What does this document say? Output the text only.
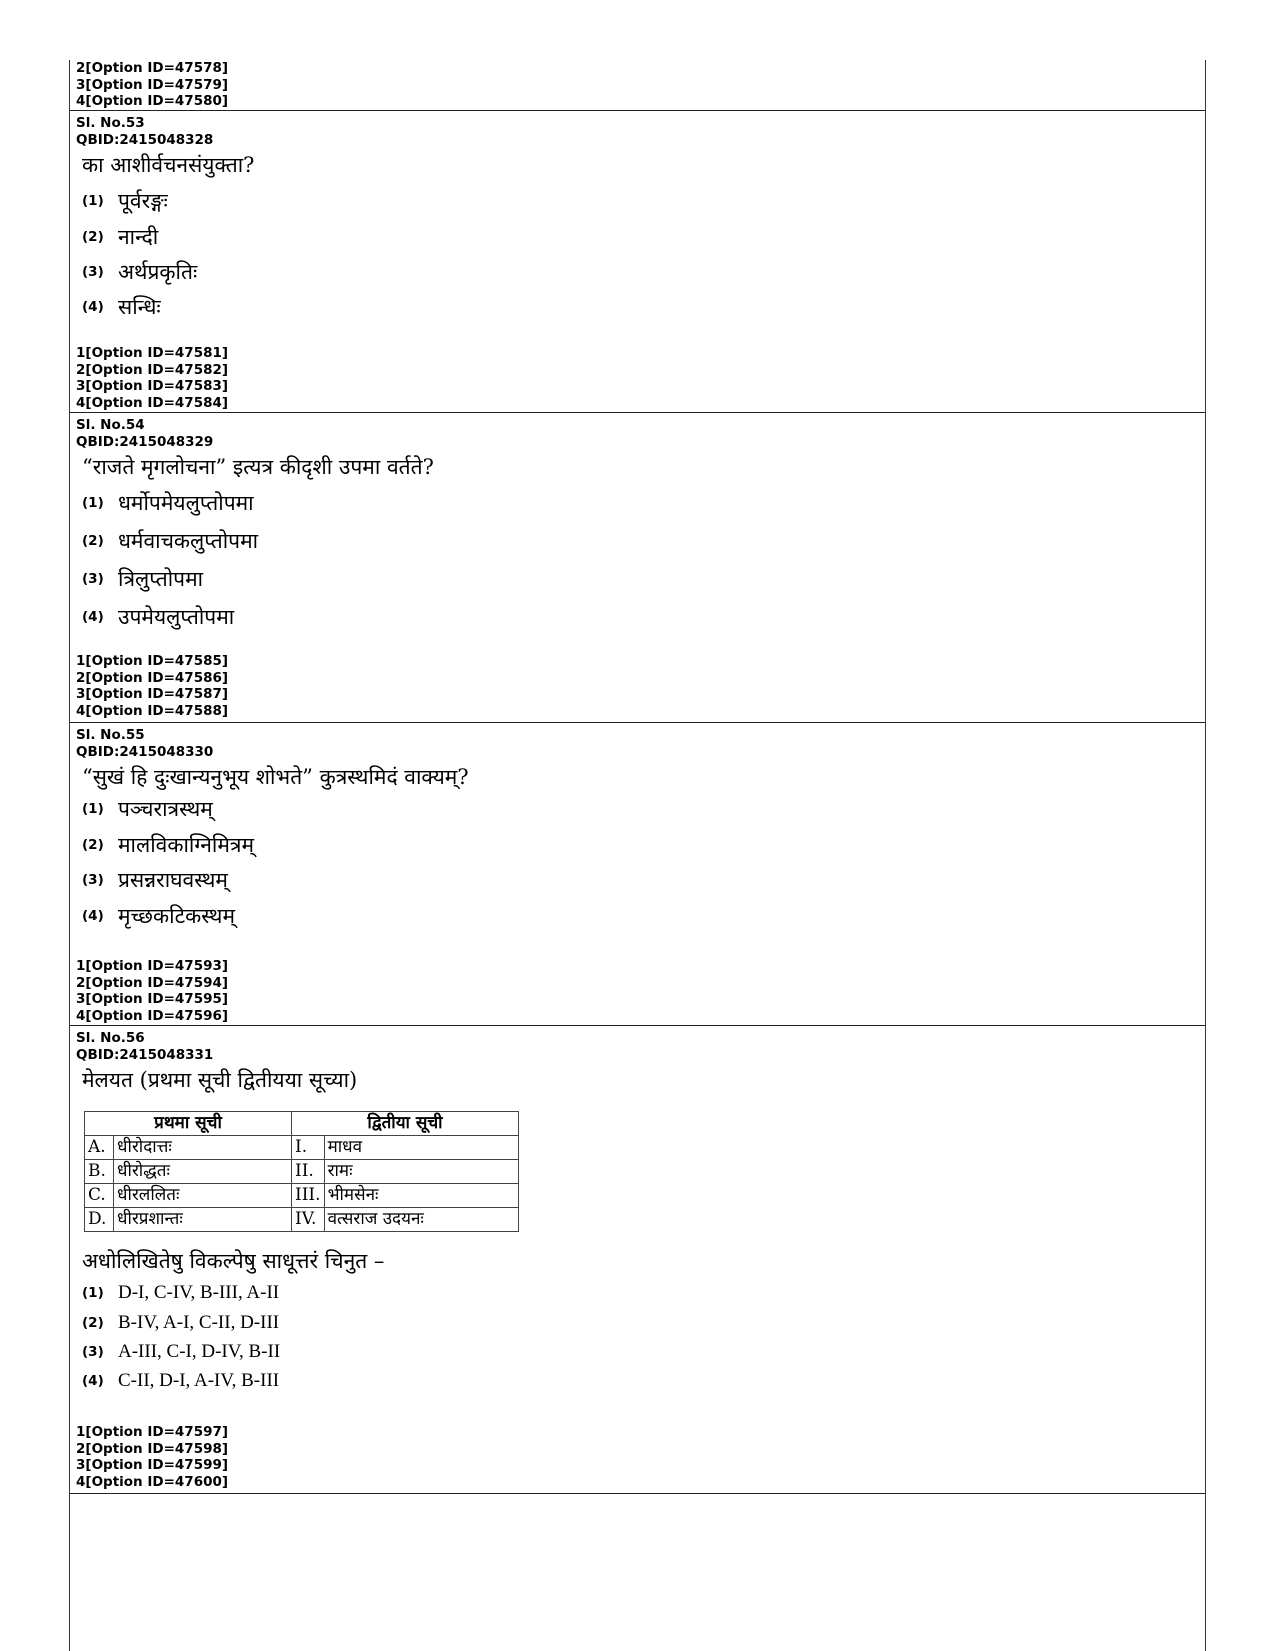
2[Option ID=47578]
3[Option ID=47579]
4[Option ID=47580]
Sl. No.53
QBID:2415048328
का आशीर्वचनसंयुक्ता?
(1) पूर्वरङ्गः
(2) नान्दी
(3) अर्थप्रकृतिः
(4) सन्धिः
1[Option ID=47581]
2[Option ID=47582]
3[Option ID=47583]
4[Option ID=47584]
Sl. No.54
QBID:2415048329
“राजते मृगलोचना” इत्यत्र कीदृशी उपमा वर्तते?
(1) धर्मोपमेयलुप्तोपमा
(2) धर्मवाचकलुप्तोपमा
(3) त्रिलुप्तोपमा
(4) उपमेयलुप्तोपमा
1[Option ID=47585]
2[Option ID=47586]
3[Option ID=47587]
4[Option ID=47588]
Sl. No.55
QBID:2415048330
“सुखं हि दुःखान्यनुभूय शोभते” कुत्रस्थमिदं वाक्यम्?
(1) पञ्चरात्रस्थम्
(2) मालविकाग्निमित्रम्
(3) प्रसन्नराघवस्थम्
(4) मृच्छकटिकस्थम्
1[Option ID=47593]
2[Option ID=47594]
3[Option ID=47595]
4[Option ID=47596]
Sl. No.56
QBID:2415048331
मेलयत (प्रथमा सूची द्वितीयया सूच्या)
प्रथमा सूची		द्वितीया सूची	
A.	धीरोदात्तः	I.	माधव
B.	धीरोद्धतः	II.	रामः
C.	धीरललितः	III.	भीमसेनः
D.	धीरप्रशान्तः	IV.	वत्सराज उदयनः
अधोलिखितेषु विकल्पेषु साधूत्तरं चिनुत –
(1) D-I, C-IV, B-III, A-II
(2) B-IV, A-I, C-II, D-III
(3) A-III, C-I, D-IV, B-II
(4) C-II, D-I, A-IV, B-III
1[Option ID=47597]
2[Option ID=47598]
3[Option ID=47599]
4[Option ID=47600]
